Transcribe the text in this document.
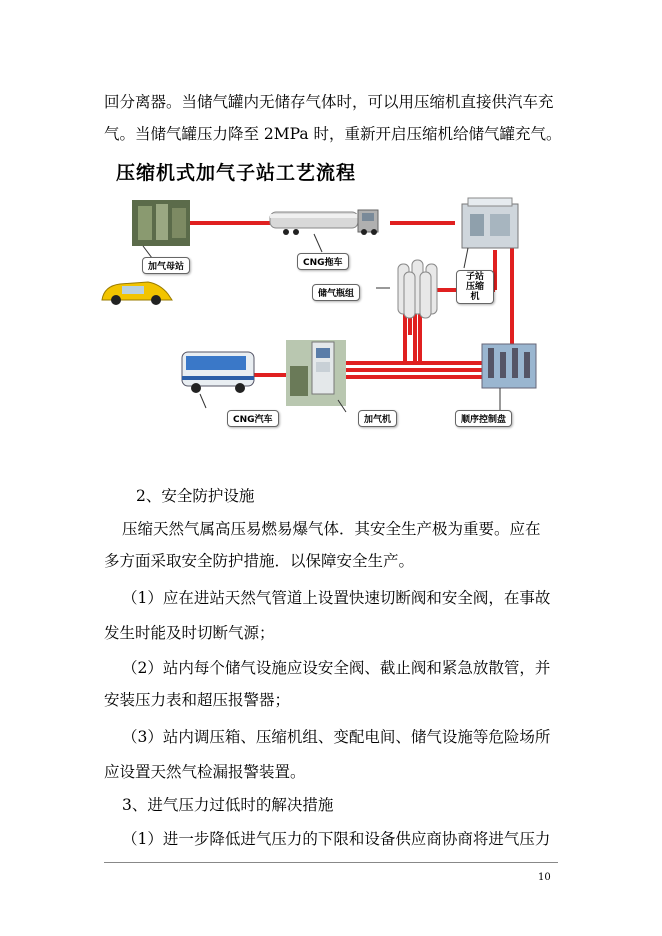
回分离器。当储气罐内无储存气体时，可以用压缩机直接供汽车充
气。当储气罐压力降至 2MPa 时，重新开启压缩机给储气罐充气。
压缩机式加气子站工艺流程
加气母站	CNG拖车
子站压缩机
储气瓶组
CNG汽车	加气机	顺序控制盘
2、安全防护设施
压缩天然气属高压易燃易爆气体．其安全生产极为重要。应在
多方面采取安全防护措施．以保障安全生产。
（1）应在进站天然气管道上设置快速切断阀和安全阀，在事故
发生时能及时切断气源；
（2）站内每个储气设施应设安全阀、截止阀和紧急放散管，并
安装压力表和超压报警器；
（3）站内调压箱、压缩机组、变配电间、储气设施等危险场所
应设置天然气检漏报警装置。
3、进气压力过低时的解决措施
（1）进一步降低进气压力的下限和设备供应商协商将进气压力
10
